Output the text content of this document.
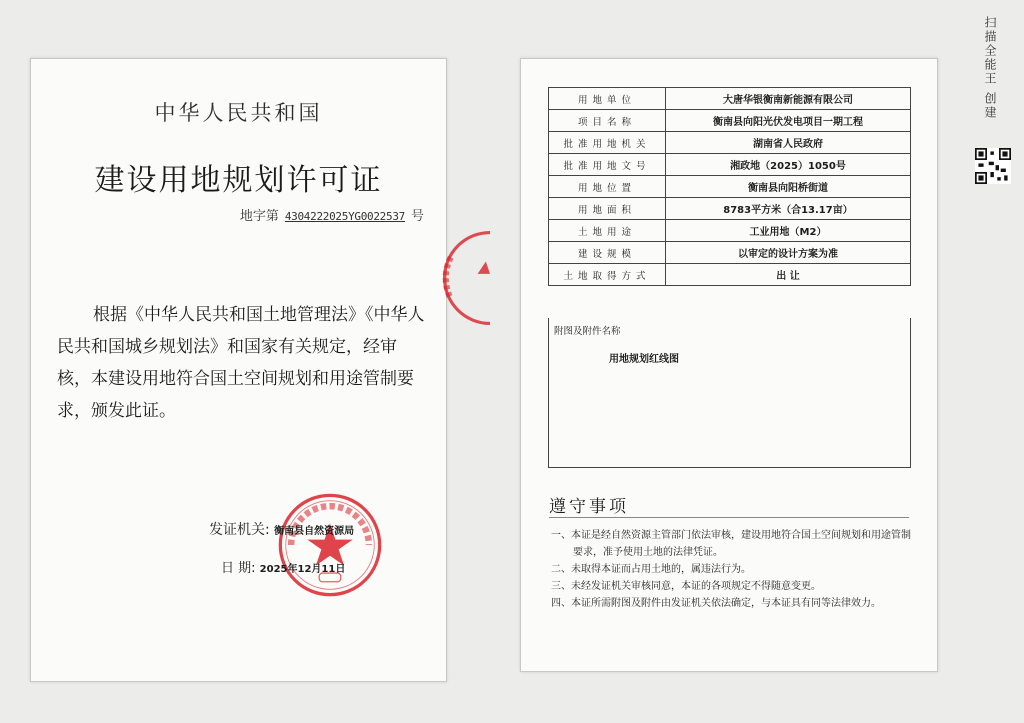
中华人民共和国
建设用地规划许可证
地字第 4304222025YG0022537 号
根据《中华人民共和国土地管理法》《中华人民共和国城乡规划法》和国家有关规定，经审核，本建设用地符合国土空间规划和用途管制要求，颁发此证。
发证机关: 衡南县自然资源局
日 期: 2025年12月11日
用地单位	大唐华银衡南新能源有限公司
项目名称	衡南县向阳光伏发电项目一期工程
批准用地机关	湖南省人民政府
批准用地文号	湘政地（2025）1050号
用地位置	衡南县向阳桥街道
用地面积	8783平方米（合13.17亩）
土地用途	工业用地（M2）
建设规模	以审定的设计方案为准
土地取得方式	出 让
附图及附件名称
用地规划红线图
遵守事项
一、本证是经自然资源主管部门依法审核，建设用地符合国土空间规划和用途管制要求，准予使用土地的法律凭证。
二、未取得本证而占用土地的，属违法行为。
三、未经发证机关审核同意，本证的各项规定不得随意变更。
四、本证所需附图及附件由发证机关依法确定，与本证具有同等法律效力。
扫描全能王 创建
